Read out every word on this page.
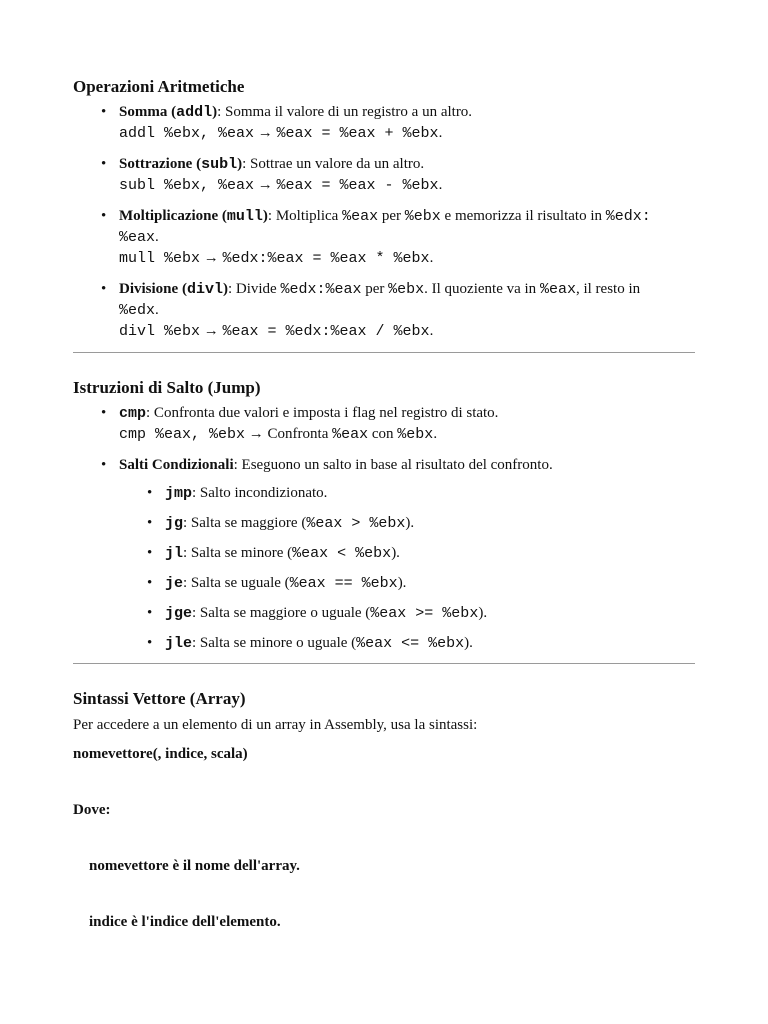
Operazioni Aritmetiche
• Somma (addl): Somma il valore di un registro a un altro.
addl %ebx, %eax → %eax = %eax + %ebx.
• Sottrazione (subl): Sottrae un valore da un altro.
subl %ebx, %eax → %eax = %eax - %ebx.
• Moltiplicazione (mull): Moltiplica %eax per %ebx e memorizza il risultato in %edx:
%eax.
mull %ebx → %edx:%eax = %eax * %ebx.
• Divisione (divl): Divide %edx:%eax per %ebx. Il quoziente va in %eax, il resto in
%edx.
divl %ebx → %eax = %edx:%eax / %ebx.
Istruzioni di Salto (Jump)
• cmp: Confronta due valori e imposta i flag nel registro di stato.
cmp %eax, %ebx → Confronta %eax con %ebx.
• Salti Condizionali: Eseguono un salto in base al risultato del confronto.
• jmp: Salto incondizionato.
• jg: Salta se maggiore (%eax > %ebx).
• jl: Salta se minore (%eax < %ebx).
• je: Salta se uguale (%eax == %ebx).
• jge: Salta se maggiore o uguale (%eax >= %ebx).
• jle: Salta se minore o uguale (%eax <= %ebx).
Sintassi Vettore (Array)

Per accedere a un elemento di un array in Assembly, usa la sintassi:

nomevettore(, indice, scala)

Dove:

nomevettore è il nome dell'array.

indice è l'indice dell'elemento.
